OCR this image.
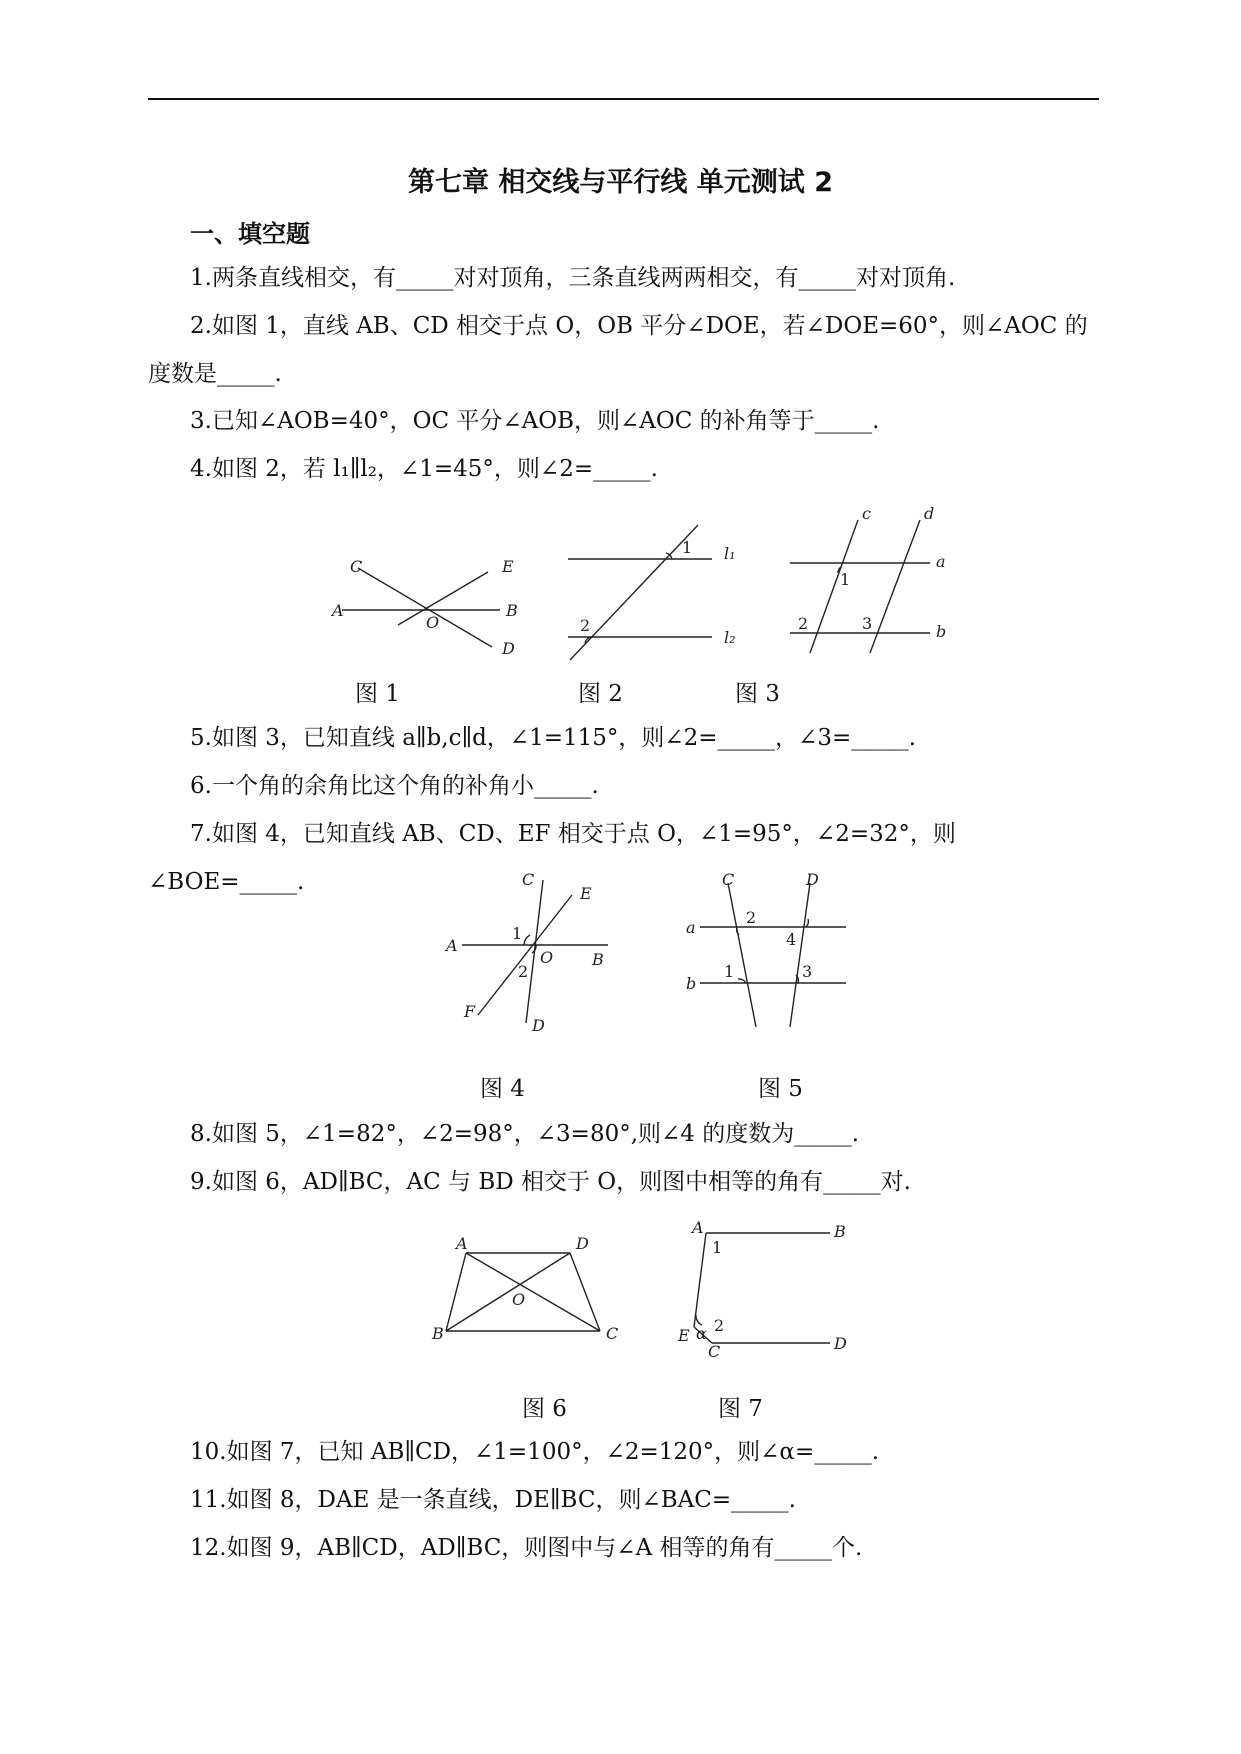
第七章 相交线与平行线 单元测试 2
一、填空题
1.两条直线相交，有_____对对顶角，三条直线两两相交，有_____对对顶角.
2.如图 1，直线 AB、CD 相交于点 O，OB 平分∠DOE，若∠DOE=60°，则∠AOC 的度数是_____.
3.已知∠AOB=40°，OC 平分∠AOB，则∠AOC 的补角等于_____.
4.如图 2，若 l₁∥l₂，∠1=45°，则∠2=_____.
C	E
A
O
B
D
1 l₁
2
l₂
c	d
a
1
2	3	b
图 1	图 2	图 3
5.如图 3，已知直线 a∥b,c∥d，∠1=115°，则∠2=_____，∠3=_____.
6.一个角的余角比这个角的补角小_____.
7.如图 4，已知直线 AB、CD、EF 相交于点 O，∠1=95°，∠2=32°，则∠BOE=_____.	C
E
1
A
O B
2
F
D
C	D
a
2
4
1	3
b
图 4	图 5
8.如图 5，∠1=82°，∠2=98°，∠3=80°,则∠4 的度数为_____.
9.如图 6，AD∥BC，AC 与 BD 相交于 O，则图中相等的角有_____对.
A	D
O
B	C
A	B
1
2
E α
C	D
图 6	图 7
10.如图 7，已知 AB∥CD，∠1=100°，∠2=120°，则∠α=_____.
11.如图 8，DAE 是一条直线，DE∥BC，则∠BAC=_____.
12.如图 9，AB∥CD，AD∥BC，则图中与∠A 相等的角有_____个.
